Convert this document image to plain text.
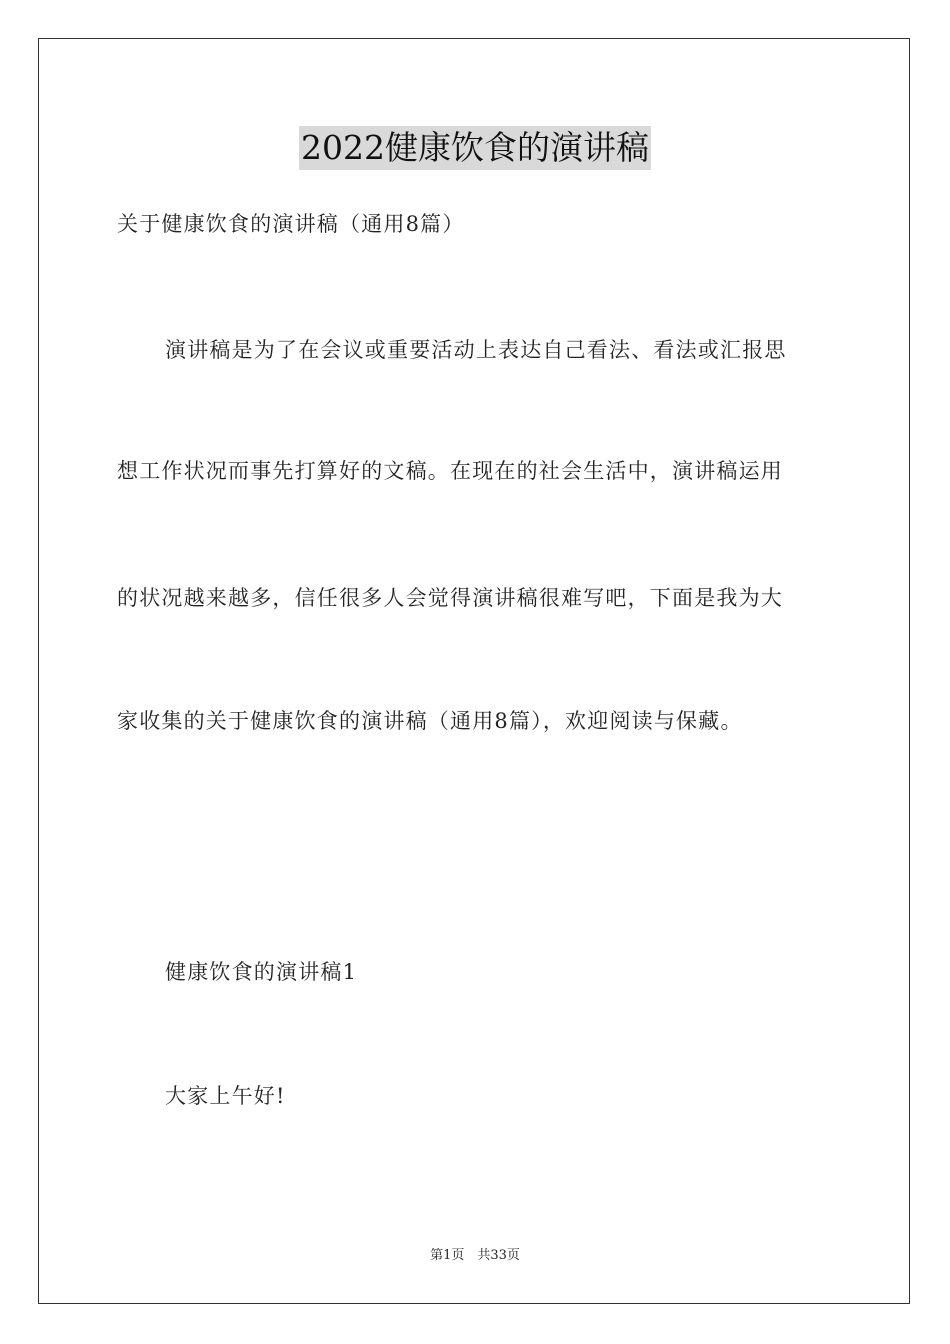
2022健康饮食的演讲稿
关于健康饮食的演讲稿（通用8篇）
演讲稿是为了在会议或重要活动上表达自己看法、看法或汇报思
想工作状况而事先打算好的文稿。在现在的社会生活中，演讲稿运用
的状况越来越多，信任很多人会觉得演讲稿很难写吧，下面是我为大
家收集的关于健康饮食的演讲稿（通用8篇），欢迎阅读与保藏。
健康饮食的演讲稿1
大家上午好!
第1页　共33页
